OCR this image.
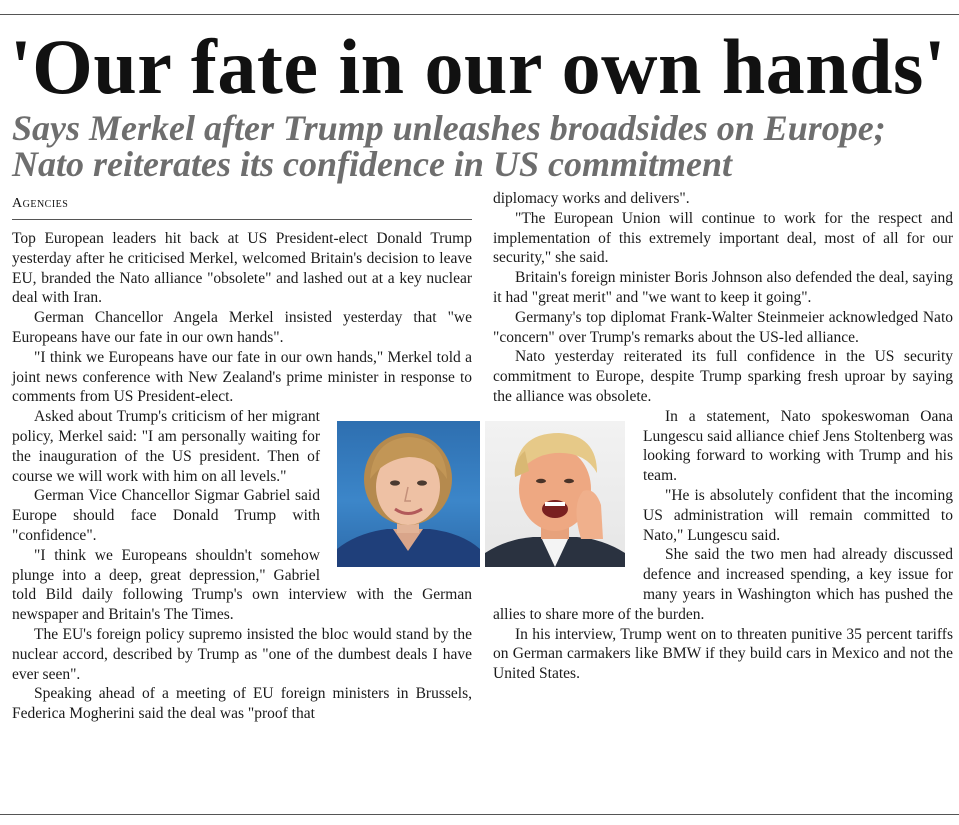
'Our fate in our own hands'
Says Merkel after Trump unleashes broadsides on Europe; Nato reiterates its confidence in US commitment
Agencies

Top European leaders hit back at US President-elect Donald Trump yesterday after he criticised Merkel, welcomed Britain's decision to leave EU, branded the Nato alliance "obsolete" and lashed out at a key nuclear deal with Iran.

German Chancellor Angela Merkel insisted yesterday that "we Europeans have our fate in our own hands".

"I think we Europeans have our fate in our own hands," Merkel told a joint news conference with New Zealand's prime minister in response to comments from US President-elect.

Asked about Trump's criticism of her migrant policy, Merkel said: "I am personally waiting for the inauguration of the US president. Then of course we will work with him on all levels."

German Vice Chancellor Sigmar Gabriel said Europe should face Donald Trump with "confidence".

"I think we Europeans shouldn't somehow plunge into a deep, great depression," Gabriel told Bild daily following Trump's own interview with the German newspaper and Britain's The Times.

The EU's foreign policy supremo insisted the bloc would stand by the nuclear accord, described by Trump as "one of the dumbest deals I have ever seen".

Speaking ahead of a meeting of EU foreign ministers in Brussels, Federica Mogherini said the deal was "proof that

diplomacy works and delivers".

"The European Union will continue to work for the respect and implementation of this extremely important deal, most of all for our security," she said.

Britain's foreign minister Boris Johnson also defended the deal, saying it had "great merit" and "we want to keep it going".

Germany's top diplomat Frank-Walter Steinmeier acknowledged Nato "concern" over Trump's remarks about the US-led alliance.

Nato yesterday reiterated its full confidence in the US security commitment to Europe, despite Trump sparking fresh uproar by saying the alliance was obsolete.

In a statement, Nato spokeswoman Oana Lungescu said alliance chief Jens Stoltenberg was looking forward to working with Trump and his team.

"He is absolutely confident that the incoming US administration will remain committed to Nato," Lungescu said.

She said the two men had already discussed defence and increased spending, a key issue for many years in Washington which has pushed the allies to share more of the burden.

In his interview, Trump went on to threaten punitive 35 percent tariffs on German carmakers like BMW if they build cars in Mexico and not the United States.
